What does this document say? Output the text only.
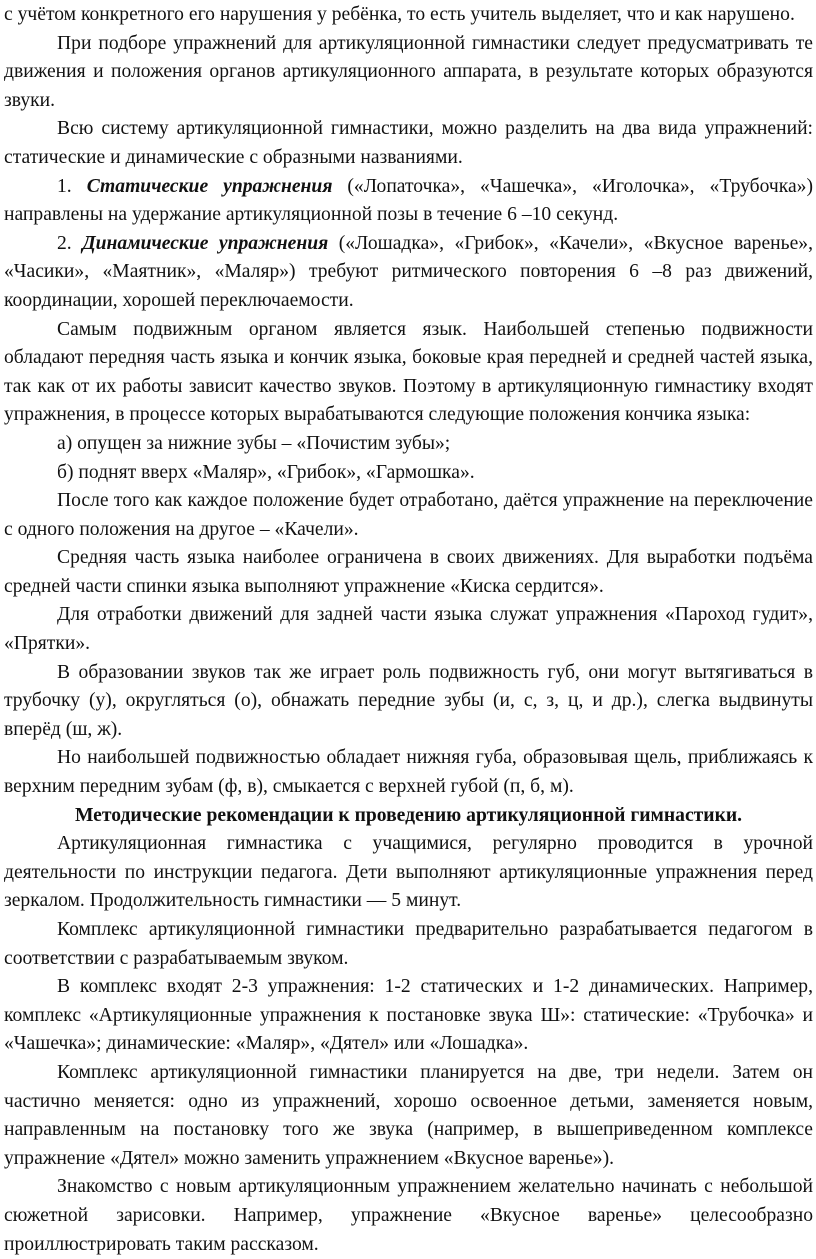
с учётом конкретного его нарушения у ребёнка, то есть учитель выделяет, что и как нарушено.

При подборе упражнений для артикуляционной гимнастики следует предусматривать те движения и положения органов артикуляционного аппарата, в результате которых образуются звуки.

Всю систему артикуляционной гимнастики, можно разделить на два вида упражнений: статические и динамические с образными названиями.

1. Статические упражнения («Лопаточка», «Чашечка», «Иголочка», «Трубочка») направлены на удержание артикуляционной позы в течение 6 –10 секунд.

2. Динамические упражнения («Лошадка», «Грибок», «Качели», «Вкусное варенье», «Часики», «Маятник», «Маляр») требуют ритмического повторения 6 –8 раз движений, координации, хорошей переключаемости.

Самым подвижным органом является язык. Наибольшей степенью подвижности обладают передняя часть языка и кончик языка, боковые края передней и средней частей языка, так как от их работы зависит качество звуков. Поэтому в артикуляционную гимнастику входят упражнения, в процессе которых вырабатываются следующие положения кончика языка:

а) опущен за нижние зубы – «Почистим зубы»;

б) поднят вверх «Маляр», «Грибок», «Гармошка».

После того как каждое положение будет отработано, даётся упражнение на переключение с одного положения на другое – «Качели».

Средняя часть языка наиболее ограничена в своих движениях. Для выработки подъёма средней части спинки языка выполняют упражнение «Киска сердится».

Для отработки движений для задней части языка служат упражнения «Пароход гудит», «Прятки».

В образовании звуков так же играет роль подвижность губ, они могут вытягиваться в трубочку (у), округляться (о), обнажать передние зубы (и, с, з, ц, и др.), слегка выдвинуты вперёд (ш, ж).

Но наибольшей подвижностью обладает нижняя губа, образовывая щель, приближаясь к верхним передним зубам (ф, в), смыкается с верхней губой (п, б, м).

Методические рекомендации к проведению артикуляционной гимнастики.

Артикуляционная гимнастика с учащимися, регулярно проводится в урочной деятельности по инструкции педагога. Дети выполняют артикуляционные упражнения перед зеркалом. Продолжительность гимнастики — 5 минут.

Комплекс артикуляционной гимнастики предварительно разрабатывается педагогом в соответствии с разрабатываемым звуком.

В комплекс входят 2-3 упражнения: 1-2 статических и 1-2 динамических. Например, комплекс «Артикуляционные упражнения к постановке звука Ш»: статические: «Трубочка» и «Чашечка»; динамические: «Маляр», «Дятел» или «Лошадка».

Комплекс артикуляционной гимнастики планируется на две, три недели. Затем он частично меняется: одно из упражнений, хорошо освоенное детьми, заменяется новым, направленным на постановку того же звука (например, в вышеприведенном комплексе упражнение «Дятел» можно заменить упражнением «Вкусное варенье»).

Знакомство с новым артикуляционным упражнением желательно начинать с небольшой сюжетной зарисовки. Например, упражнение «Вкусное варенье» целесообразно проиллюстрировать таким рассказом.
